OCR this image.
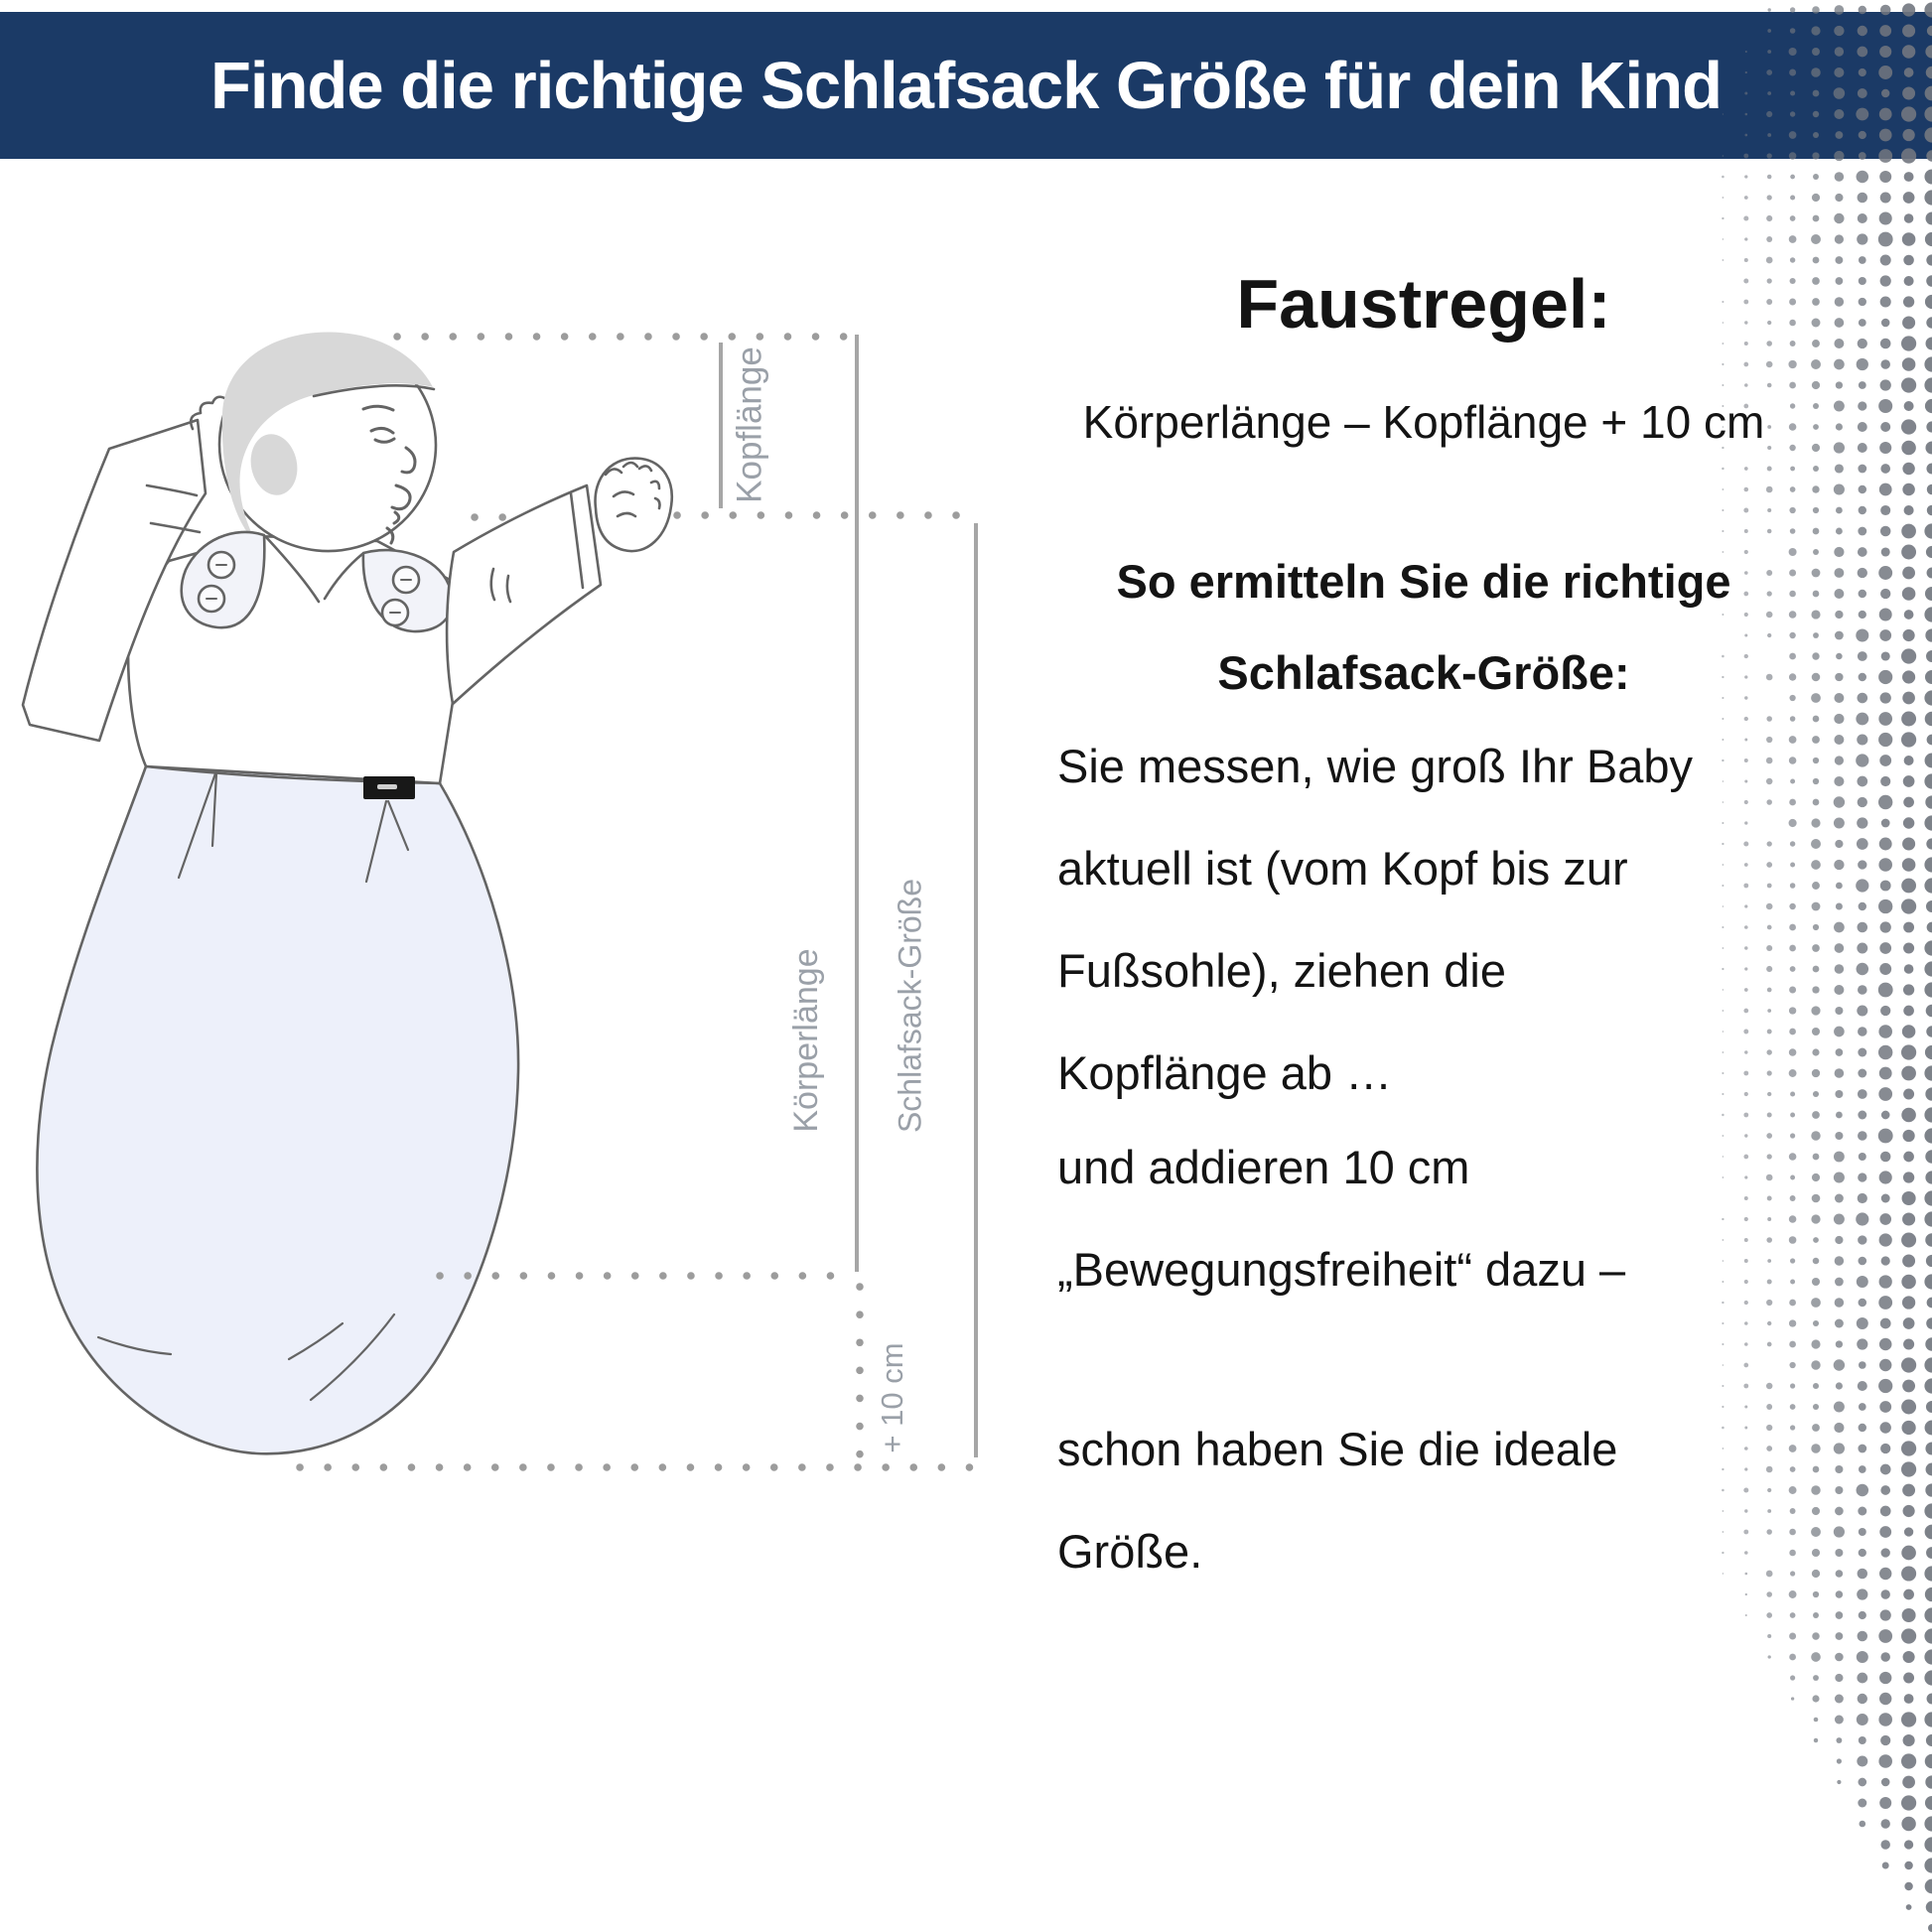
Finde die richtige Schlafsack Größe für dein Kind
Kopflänge
Körperlänge Schlafsack-Größe
+ 10 cm
Faustregel:
Körperlänge – Kopflänge + 10 cm
So ermitteln Sie die richtige
Schlafsack-Größe:
Sie messen, wie groß Ihr Baby
aktuell ist (vom Kopf bis zur
Fußsohle), ziehen die
Kopflänge ab …
und addieren 10 cm
„Bewegungsfreiheit“ dazu –
schon haben Sie die ideale
Größe.
